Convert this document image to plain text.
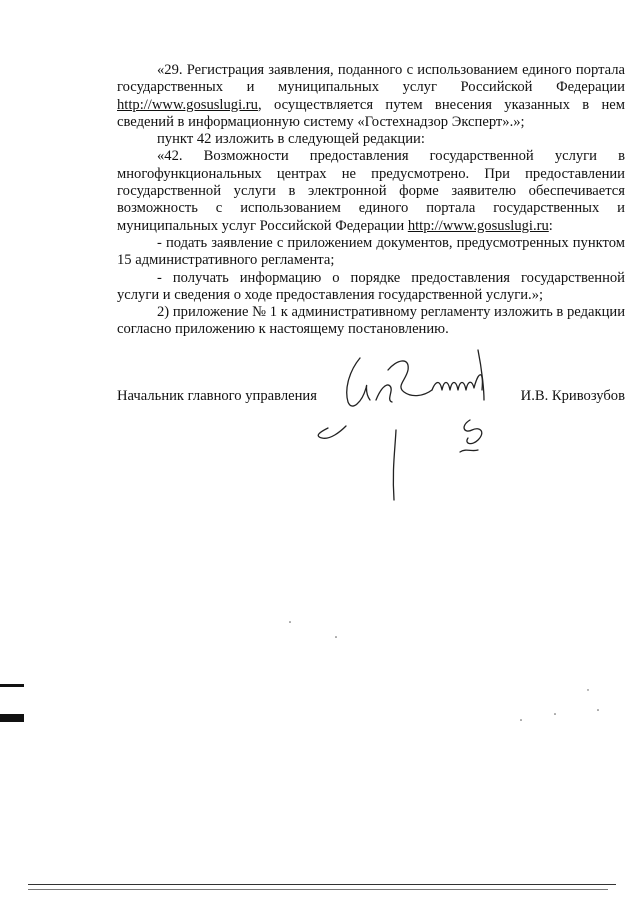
«29. Регистрация заявления, поданного с использованием единого портала государственных и муниципальных услуг Российской Федерации http://www.gosuslugi.ru, осуществляется путем внесения указанных в нем сведений в информационную систему «Гостехнадзор Эксперт».»;

пункт 42 изложить в следующей редакции:

«42. Возможности предоставления государственной услуги в многофункциональных центрах не предусмотрено. При предоставлении государственной услуги в электронной форме заявителю обеспечивается возможность с использованием единого портала государственных и муниципальных услуг Российской Федерации http://www.gosuslugi.ru:

- подать заявление с приложением документов, предусмотренных пунктом 15 административного регламента;

- получать информацию о порядке предоставления государственной услуги и сведения о ходе предоставления государственной услуги.»;

2) приложение № 1 к административному регламенту изложить в редакции согласно приложению к настоящему постановлению.

Начальник главного управления	И.В. Кривозубов
